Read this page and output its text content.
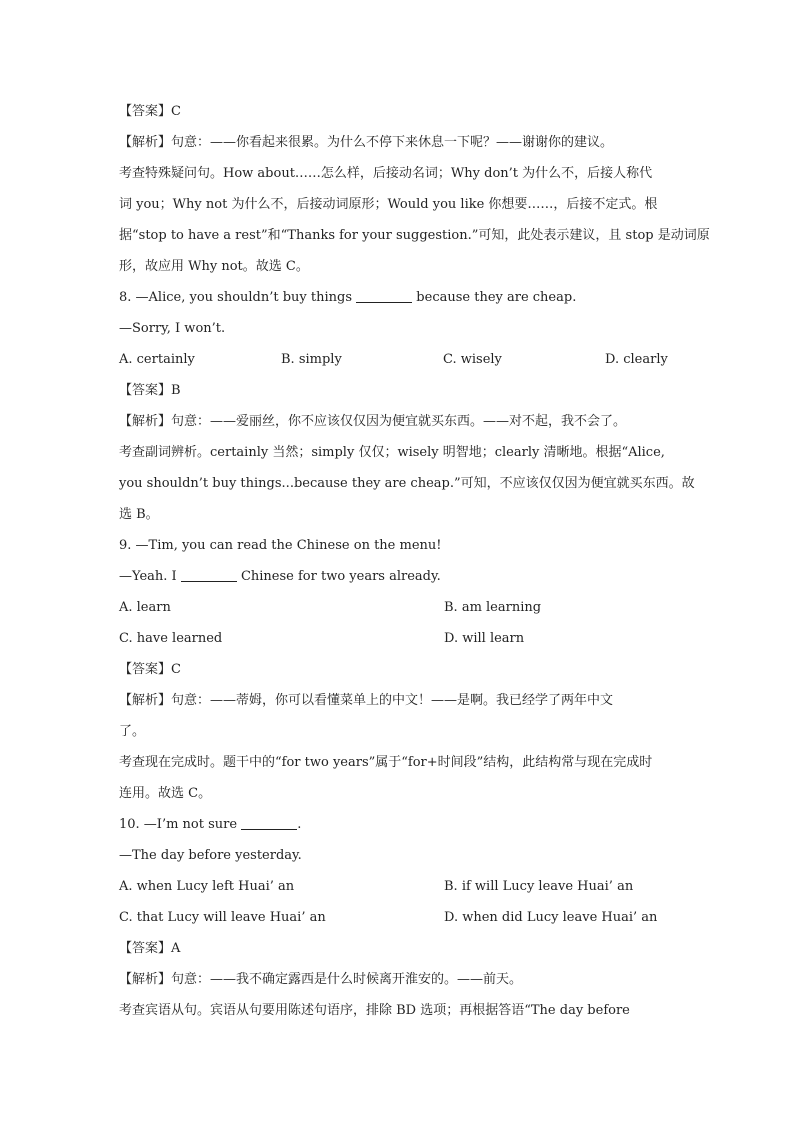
【答案】C
【解析】句意：——你看起来很累。为什么不停下来休息一下呢？——谢谢你的建议。
考查特殊疑问句。How about……怎么样，后接动名词；Why don’t 为什么不，后接人称代
词 you；Why not 为什么不，后接动词原形；Would you like 你想要……，后接不定式。根
据“stop to have a rest”和“Thanks for your suggestion.”可知，此处表示建议，且 stop 是动词原
形，故应用 Why not。故选 C。
8. —Alice, you shouldn’t buy things	because they are cheap.
—Sorry, I won’t.
A. certainly	B. simply	C. wisely	D. clearly
【答案】B
【解析】句意：——爱丽丝，你不应该仅仅因为便宜就买东西。——对不起，我不会了。
考查副词辨析。certainly 当然；simply 仅仅；wisely 明智地；clearly 清晰地。根据“Alice,
you shouldn’t buy things...because they are cheap.”可知，不应该仅仅因为便宜就买东西。故
选 B。
9. —Tim, you can read the Chinese on the menu!
—Yeah. I	Chinese for two years already.
A. learn	B. am learning
C. have learned	D. will learn
【答案】C
【解析】句意：——蒂姆，你可以看懂菜单上的中文！——是啊。我已经学了两年中文
了。
考查现在完成时。题干中的“for two years”属于“for+时间段”结构，此结构常与现在完成时
连用。故选 C。
10. —I’m not sure	.
—The day before yesterday.
A. when Lucy left Huai’ an	B. if will Lucy leave Huai’ an
C. that Lucy will leave Huai’ an	D. when did Lucy leave Huai’ an
【答案】A
【解析】句意：——我不确定露西是什么时候离开淮安的。——前天。
考查宾语从句。宾语从句要用陈述句语序，排除 BD 选项；再根据答语“The day before
